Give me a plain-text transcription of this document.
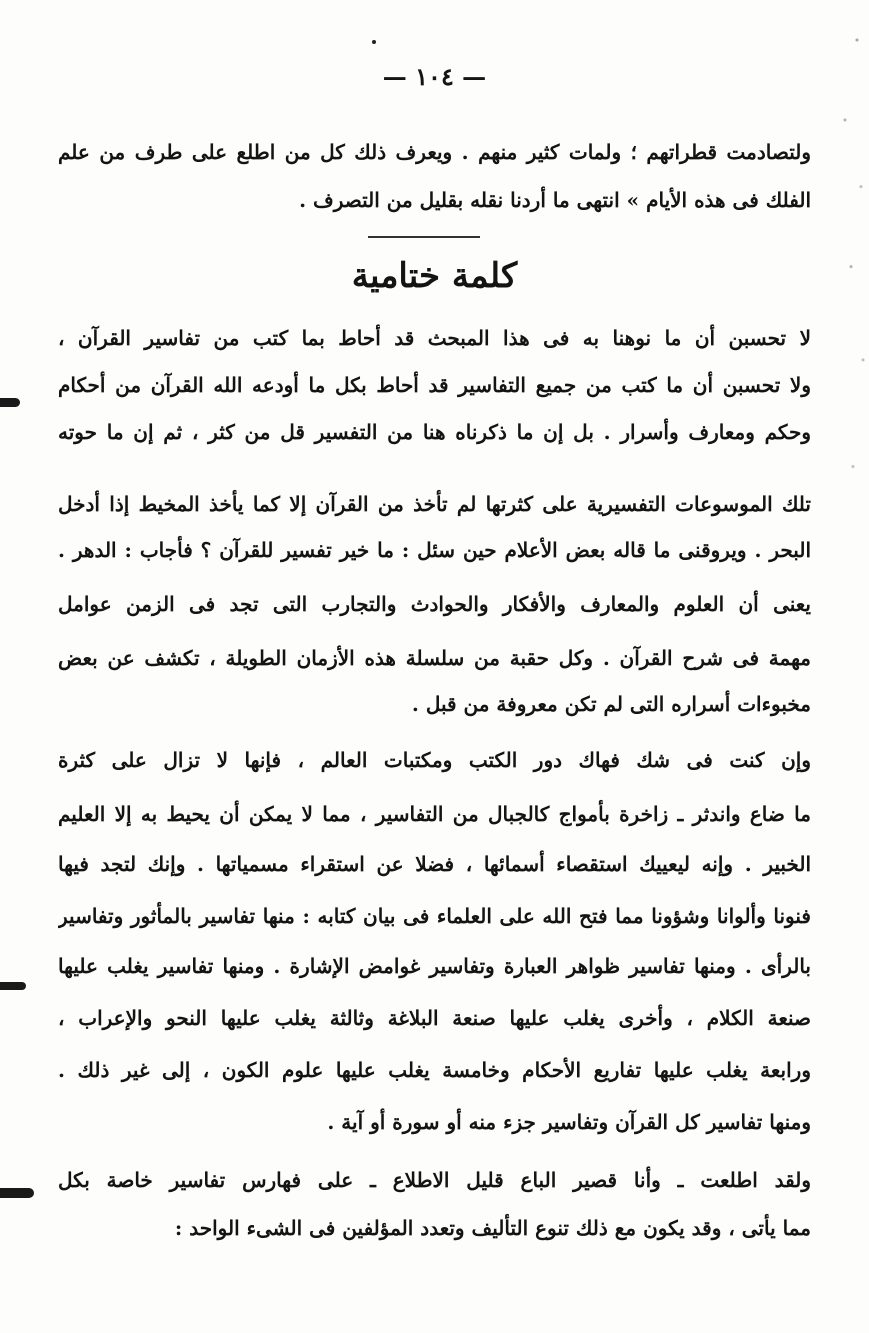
— ١٠٤ —
ولتصادمت قطراتهم ؛ ولمات كثير منهم . ويعرف ذلك كل من اطلع على طرف من علم
الفلك فى هذه الأيام » انتهى ما أردنا نقله بقليل من التصرف .
كلمة ختامية
لا تحسبن أن ما نوهنا به فى هذا المبحث قد أحاط بما كتب من تفاسير القرآن ،
ولا تحسبن أن ما كتب من جميع التفاسير قد أحاط بكل ما أودعه الله القرآن من أحكام
وحكم ومعارف وأسرار . بل إن ما ذكرناه هنا من التفسير قل من كثر ، ثم إن ما حوته
تلك الموسوعات التفسيرية على كثرتها لم تأخذ من القرآن إلا كما يأخذ المخيط إذا أدخل
البحر . ويروقنى ما قاله بعض الأعلام حين سئل : ما خير تفسير للقرآن ؟ فأجاب : الدهر .
يعنى أن العلوم والمعارف والأفكار والحوادث والتجارب التى تجد فى الزمن عوامل
مهمة فى شرح القرآن . وكل حقبة من سلسلة هذه الأزمان الطويلة ، تكشف عن بعض
مخبوءات أسراره التى لم تكن معروفة من قبل .
وإن كنت فى شك فهاك دور الكتب ومكتبات العالم ، فإنها لا تزال على كثرة
ما ضاع واندثر ـ زاخرة بأمواج كالجبال من التفاسير ، مما لا يمكن أن يحيط به إلا العليم
الخبير . وإنه ليعييك استقصاء أسمائها ، فضلا عن استقراء مسمياتها . وإنك لتجد فيها
فنونا وألوانا وشؤونا مما فتح الله على العلماء فى بيان كتابه : منها تفاسير بالمأثور وتفاسير
بالرأى . ومنها تفاسير ظواهر العبارة وتفاسير غوامض الإشارة . ومنها تفاسير يغلب عليها
صنعة الكلام ، وأخرى يغلب عليها صنعة البلاغة وثالثة يغلب عليها النحو والإعراب ،
ورابعة يغلب عليها تفاريع الأحكام وخامسة يغلب عليها علوم الكون ، إلى غير ذلك .
ومنها تفاسير كل القرآن وتفاسير جزء منه أو سورة أو آية .
ولقد اطلعت ـ وأنا قصير الباع قليل الاطلاع ـ على فهارس تفاسير خاصة بكل
مما يأتى ، وقد يكون مع ذلك تنوع التأليف وتعدد المؤلفين فى الشىء الواحد :
